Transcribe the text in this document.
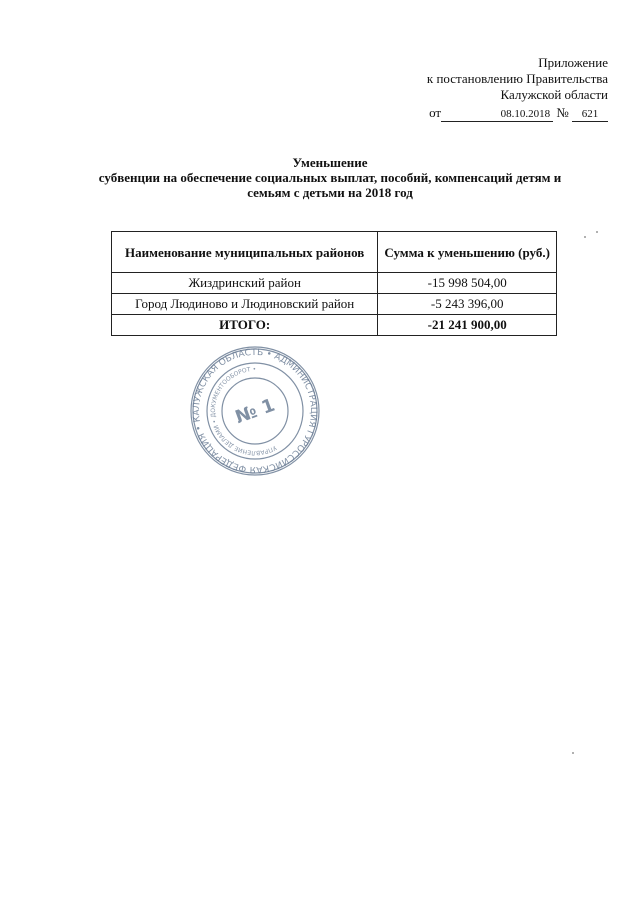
Приложение
к постановлению Правительства
Калужской области
от	08.10.2018 № 621
Уменьшение
субвенции на обеспечение социальных выплат, пособий, компенсаций детям и
семьям с детьми на 2018 год
Наименование муниципальных районов	Сумма к уменьшению (руб.)
Жиздринский район	-15 998 504,00
Город Людиново и Людиновский район	-5 243 396,00
ИТОГО:	-21 241 900,00
РОССИЙСКАЯ ФЕДЕРАЦИЯ • КАЛУЖСКАЯ ОБЛАСТЬ • АДМИНИСТРАЦИЯ ГУБЕРНАТОРА
УПРАВЛЕНИЕ ДЕЛАМИ • ДОКУМЕНТООБОРОТ •
№ 1
